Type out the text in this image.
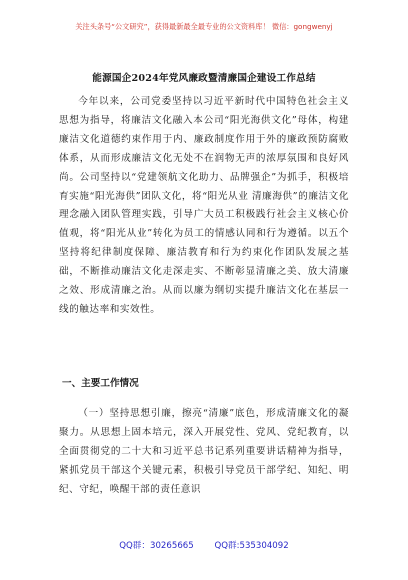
关注头条号“公文研究”，获得最新最全最专业的公文资料库！ 微信：gongwenyj
能源国企2024年党风廉政暨清廉国企建设工作总结
今年以来，公司党委坚持以习近平新时代中国特色社会主义思想为指导，将廉洁文化融入本公司“阳光海供文化”母体，构建廉洁文化道德约束作用于内、廉政制度作用于外的廉政预防腐败体系，从而形成廉洁文化无处不在润物无声的浓厚氛围和良好风尚。公司坚持以“党建领航文化助力、品牌强企”为抓手，积极培育实施“阳光海供”团队文化，将“阳光从业 清廉海供”的廉洁文化理念融入团队管理实践，引导广大员工积极践行社会主义核心价值观，将“阳光从业”转化为员工的情感认同和行为遵循。以五个坚持将纪律制度保障、廉洁教育和行为约束化作团队发展之基础，不断推动廉洁文化走深走实、不断彰显清廉之美、放大清廉之效、形成清廉之治。从而以廉为纲切实提升廉洁文化在基层一线的触达率和实效性。
一、主要工作情况
（一）坚持思想引廉，擦亮“清廉”底色，形成清廉文化的凝聚力。从思想上固本培元，深入开展党性、党风、党纪教育，以全面贯彻党的二十大和习近平总书记系列重要讲话精神为指导，紧抓党员干部这个关键元素，积极引导党员干部学纪、知纪、明纪、守纪，唤醒干部的责任意识
QQ群：30265665 QQ群:535304092
